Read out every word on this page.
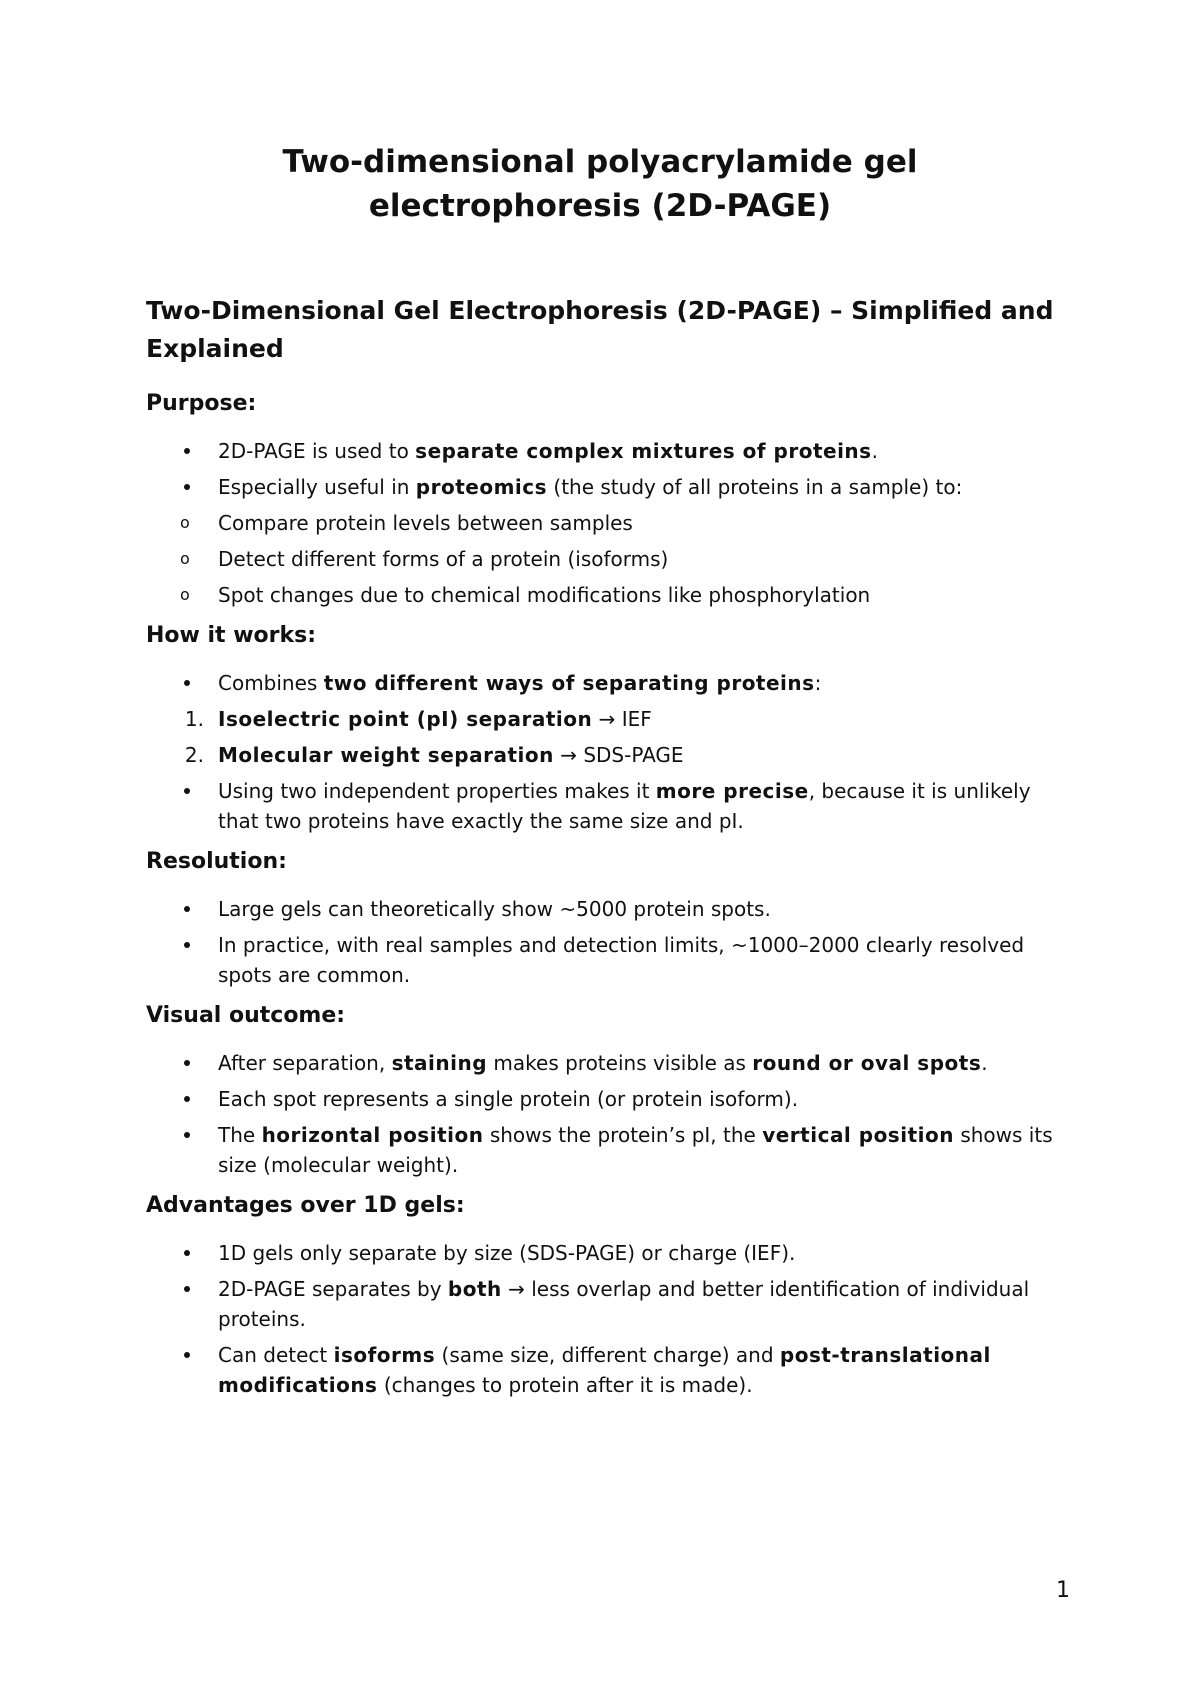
Two-dimensional polyacrylamide gel
electrophoresis (2D-PAGE)
Two-Dimensional Gel Electrophoresis (2D-PAGE) – Simplified and Explained
Purpose:
2D-PAGE is used to separate complex mixtures of proteins.
Especially useful in proteomics (the study of all proteins in a sample) to:
o	Compare protein levels between samples
o	Detect different forms of a protein (isoforms)
o	Spot changes due to chemical modifications like phosphorylation
How it works:
Combines two different ways of separating proteins:
1. Isoelectric point (pI) separation → IEF
2. Molecular weight separation → SDS-PAGE
Using two independent properties makes it more precise, because it is unlikely that two proteins have exactly the same size and pI.
Resolution:
Large gels can theoretically show ~5000 protein spots.
In practice, with real samples and detection limits, ~1000–2000 clearly resolved spots are common.
Visual outcome:
After separation, staining makes proteins visible as round or oval spots.
Each spot represents a single protein (or protein isoform).
The horizontal position shows the protein’s pI, the vertical position shows its size (molecular weight).
Advantages over 1D gels:
1D gels only separate by size (SDS-PAGE) or charge (IEF).
2D-PAGE separates by both → less overlap and better identification of individual proteins.
Can detect isoforms (same size, different charge) and post-translational modifications (changes to protein after it is made).
1
